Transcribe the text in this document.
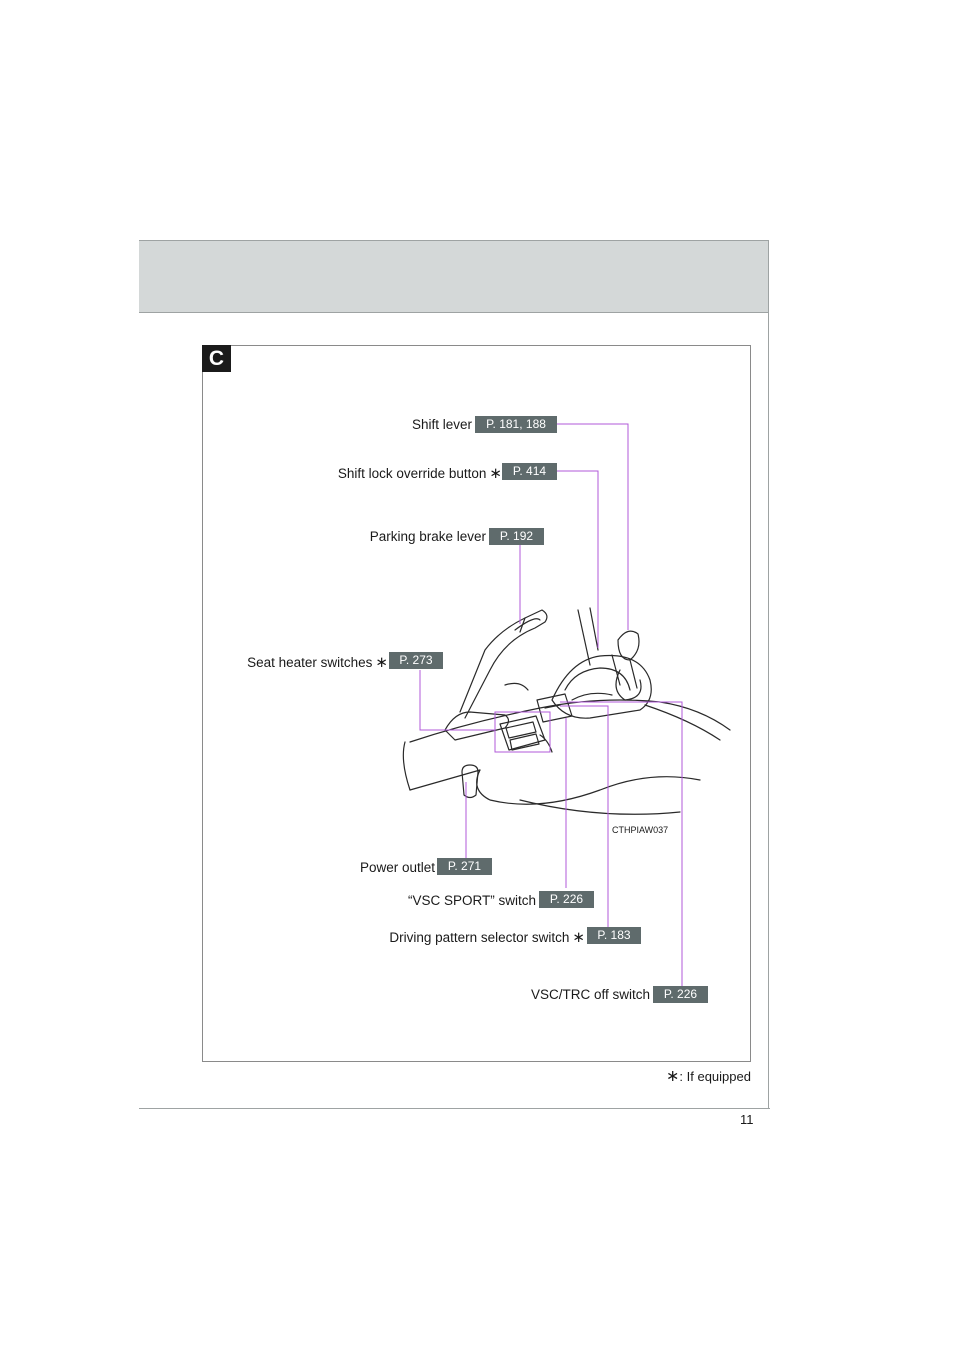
C
Shift lever	P. 181, 188
Shift lock override button ∗ P. 414
Parking brake lever	P. 192
Seat heater switches ∗ P. 273
Power outlet	P. 271
“VSC SPORT” switch	P. 226
Driving pattern selector switch ∗	P. 183
VSC/TRC off switch	P. 226
CTHPIAW037
∗: If equipped
11
